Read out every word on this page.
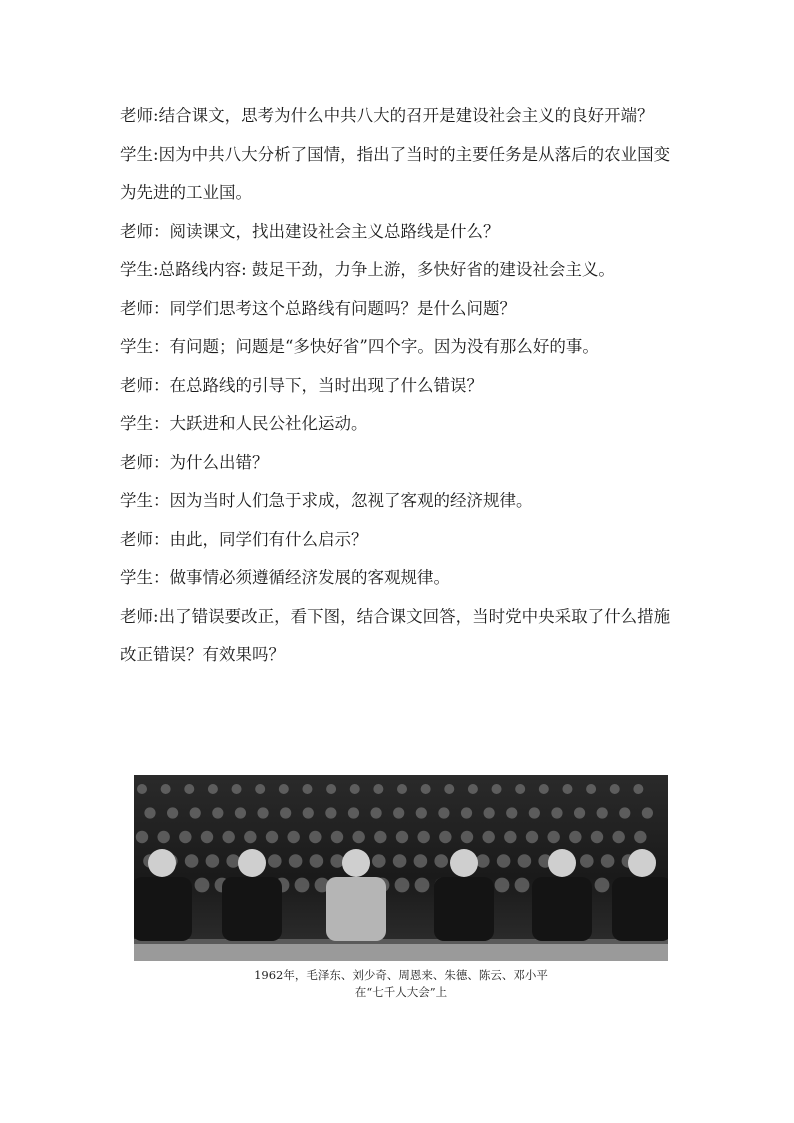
老师:结合课文，思考为什么中共八大的召开是建设社会主义的良好开端？

学生:因为中共八大分析了国情，指出了当时的主要任务是从落后的农业国变为先进的工业国。

老师：阅读课文，找出建设社会主义总路线是什么？

学生:总路线内容: 鼓足干劲，力争上游，多快好省的建设社会主义。

老师：同学们思考这个总路线有问题吗？是什么问题？

学生：有问题；问题是“多快好省”四个字。因为没有那么好的事。

老师：在总路线的引导下，当时出现了什么错误？

学生：大跃进和人民公社化运动。

老师：为什么出错？

学生：因为当时人们急于求成，忽视了客观的经济规律。

老师：由此，同学们有什么启示？

学生：做事情必须遵循经济发展的客观规律。

老师:出了错误要改正，看下图，结合课文回答，当时党中央采取了什么措施改正错误？有效果吗？

1962年，毛泽东、刘少奇、周恩来、朱德、陈云、邓小平
在“七千人大会”上
